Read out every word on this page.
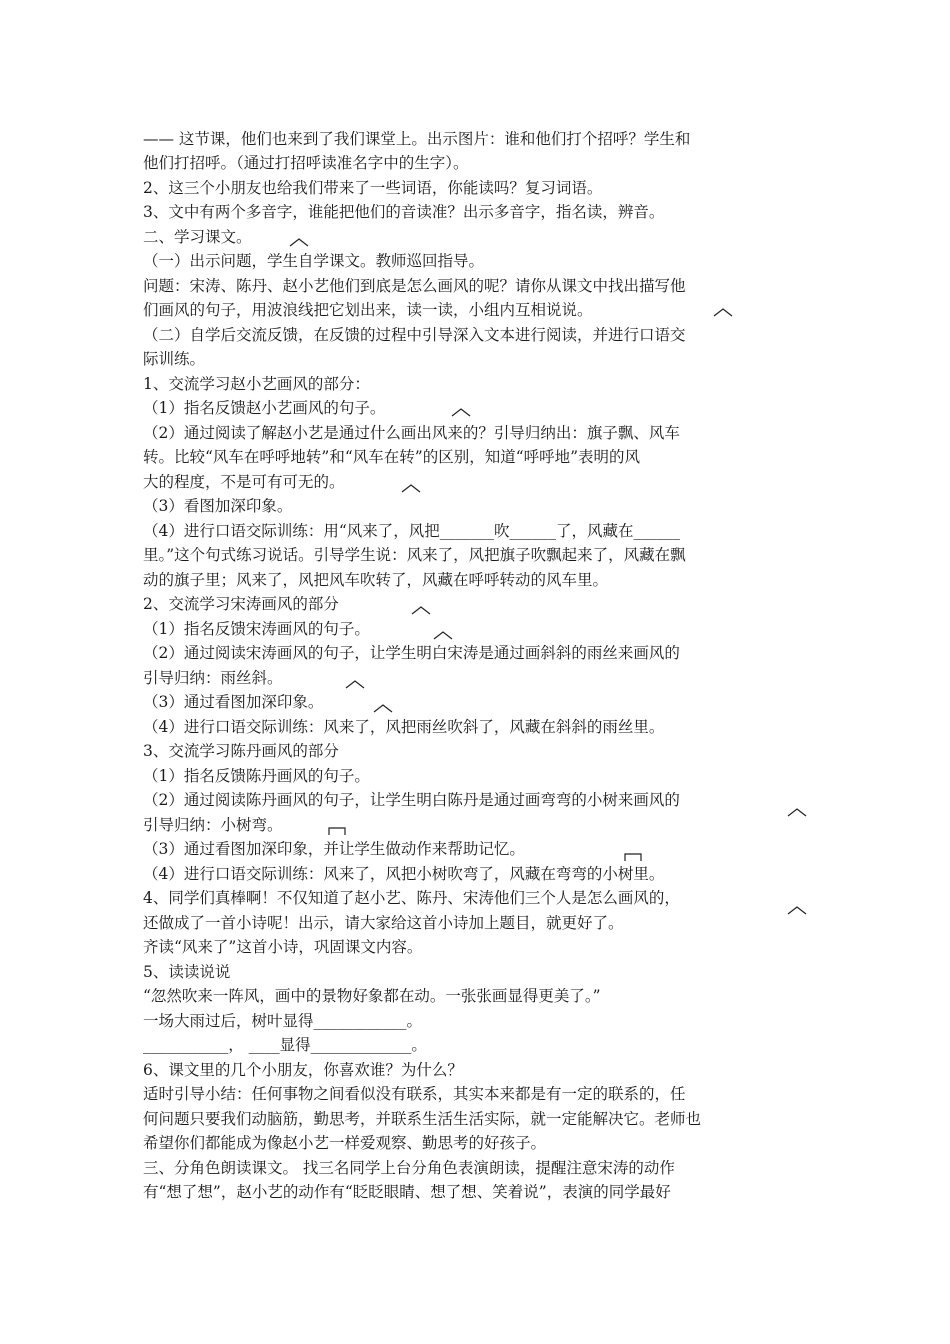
—— 这节课，他们也来到了我们课堂上。出示图片：谁和他们打个招呼？学生和
他们打招呼。（通过打招呼读准名字中的生字）。
2、这三个小朋友也给我们带来了一些词语，你能读吗？复习词语。
3、文中有两个多音字，谁能把他们的音读准？出示多音字，指名读，辨音。
二、学习课文。
（一）出示问题，学生自学课文。教师巡回指导。
问题：宋涛、陈丹、赵小艺他们到底是怎么画风的呢？请你从课文中找出描写他
们画风的句子，用波浪线把它划出来，读一读，小组内互相说说。
（二）自学后交流反馈，在反馈的过程中引导深入文本进行阅读，并进行口语交
际训练。
1、交流学习赵小艺画风的部分：
（1）指名反馈赵小艺画风的句子。
（2）通过阅读了解赵小艺是通过什么画出风来的？引导归纳出：旗子飘、风车
转。比较“风车在呼呼地转”和“风车在转”的区别，知道“呼呼地”表明的风
大的程度，不是可有可无的。
（3）看图加深印象。
（4）进行口语交际训练：用“风来了，风把_______吹______了，风藏在______
里。”这个句式练习说话。引导学生说：风来了，风把旗子吹飘起来了，风藏在飘
动的旗子里；风来了，风把风车吹转了，风藏在呼呼转动的风车里。
2、交流学习宋涛画风的部分
（1）指名反馈宋涛画风的句子。
（2）通过阅读宋涛画风的句子，让学生明白宋涛是通过画斜斜的雨丝来画风的
引导归纳：雨丝斜。
（3）通过看图加深印象。
（4）进行口语交际训练：风来了，风把雨丝吹斜了，风藏在斜斜的雨丝里。
3、交流学习陈丹画风的部分
（1）指名反馈陈丹画风的句子。
（2）通过阅读陈丹画风的句子，让学生明白陈丹是通过画弯弯的小树来画风的
引导归纳：小树弯。
（3）通过看图加深印象，并让学生做动作来帮助记忆。
（4）进行口语交际训练：风来了，风把小树吹弯了，风藏在弯弯的小树里。
4、同学们真棒啊！不仅知道了赵小艺、陈丹、宋涛他们三个人是怎么画风的，
还做成了一首小诗呢！出示，请大家给这首小诗加上题目，就更好了。
齐读“风来了”这首小诗，巩固课文内容。
5、读读说说
“忽然吹来一阵风，画中的景物好象都在动。一张张画显得更美了。”
一场大雨过后，树叶显得____________。
___________， ____显得_____________。
6、课文里的几个小朋友，你喜欢谁？为什么？
适时引导小结：任何事物之间看似没有联系，其实本来都是有一定的联系的，任
何问题只要我们动脑筋，勤思考，并联系生活生活实际，就一定能解决它。老师也
希望你们都能成为像赵小艺一样爱观察、勤思考的好孩子。
三、分角色朗读课文。 找三名同学上台分角色表演朗读，提醒注意宋涛的动作
有“想了想”，赵小艺的动作有“眨眨眼睛、想了想、笑着说”，表演的同学最好
